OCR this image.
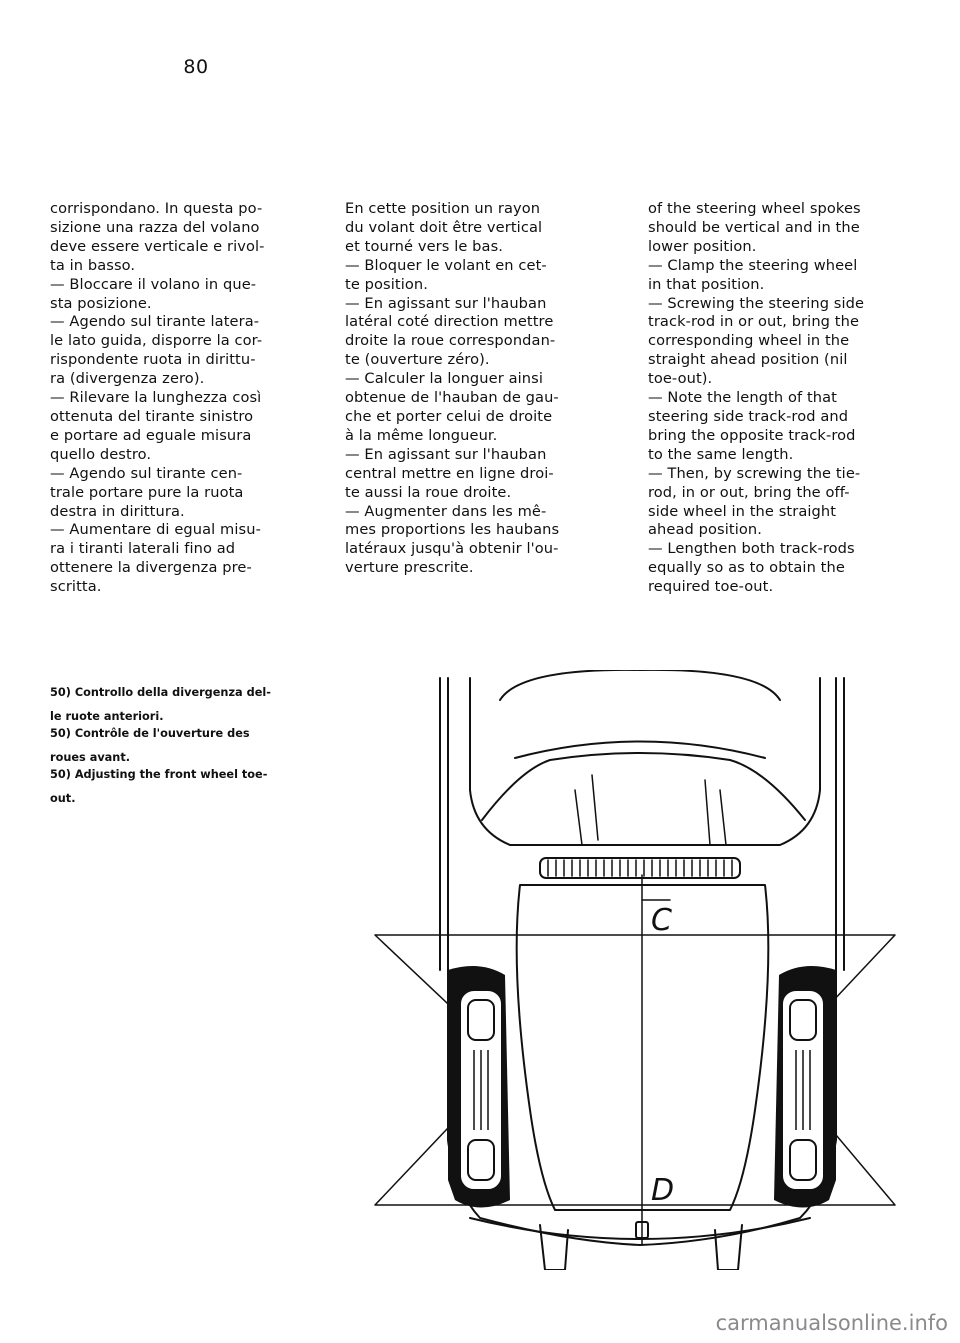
80

corrispondano. In questa po-

sizione una razza del volano

deve essere verticale e rivol-

ta in basso.

— Bloccare il volano in que-

sta posizione.

— Agendo sul tirante latera-

le lato guida, disporre la cor-

rispondente ruota in dirittu-

ra (divergenza zero).

— Rilevare la lunghezza così

ottenuta del tirante sinistro

e portare ad eguale misura

quello destro.

— Agendo sul tirante cen-

trale portare pure la ruota

destra in dirittura.

— Aumentare di egual misu-

ra i tiranti laterali fino ad

ottenere la divergenza pre-

scritta.

En cette position un rayon

du volant doit être vertical

et tourné vers le bas.

— Bloquer le volant en cet-

te position.

— En agissant sur l'hauban

latéral coté direction mettre

droite la roue correspondan-

te (ouverture zéro).

— Calculer la longuer ainsi

obtenue de l'hauban de gau-

che et porter celui de droite

à la même longueur.

— En agissant sur l'hauban

central mettre en ligne droi-

te aussi la roue droite.

— Augmenter dans les mê-

mes proportions les haubans

latéraux jusqu'à obtenir l'ou-

verture prescrite.

of the steering wheel spokes

should be vertical and in the

lower position.

— Clamp the steering wheel

in that position.

— Screwing the steering side

track-rod in or out, bring the

corresponding wheel in the

straight ahead position (nil

toe-out).

— Note the length of that

steering side track-rod and

bring the opposite track-rod

to the same length.

— Then, by screwing the tie-

rod, in or out, bring the off-

side wheel in the straight

ahead position.

— Lengthen both track-rods

equally so as to obtain the

required toe-out.

50) Controllo della divergenza del-

le ruote anteriori.

50) Contrôle de l'ouverture des

roues avant.

50) Adjusting the front wheel toe-

out.

C
D
carmanualsonline.info
